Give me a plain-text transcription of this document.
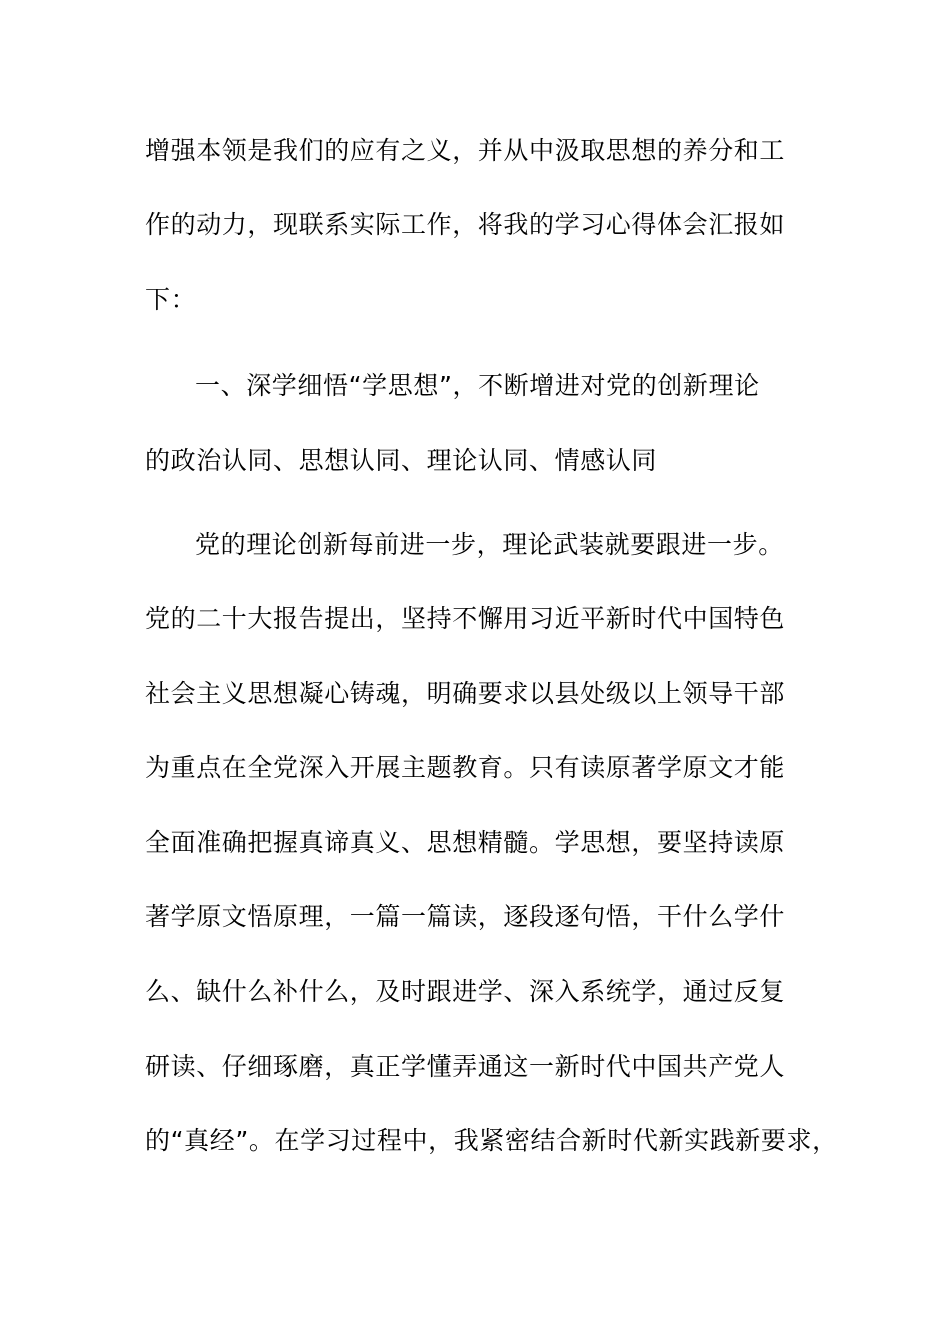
增强本领是我们的应有之义，并从中汲取思想的养分和工
作的动力，现联系实际工作，将我的学习心得体会汇报如
下：
一、深学细悟“学思想”，不断增进对党的创新理论
的政治认同、思想认同、理论认同、情感认同
党的理论创新每前进一步，理论武装就要跟进一步。
党的二十大报告提出，坚持不懈用习近平新时代中国特色
社会主义思想凝心铸魂，明确要求以县处级以上领导干部
为重点在全党深入开展主题教育。只有读原著学原文才能
全面准确把握真谛真义、思想精髓。学思想，要坚持读原
著学原文悟原理，一篇一篇读，逐段逐句悟，干什么学什
么、缺什么补什么，及时跟进学、深入系统学，通过反复
研读、仔细琢磨，真正学懂弄通这一新时代中国共产党人
的“真经”。在学习过程中，我紧密结合新时代新实践新要求，
